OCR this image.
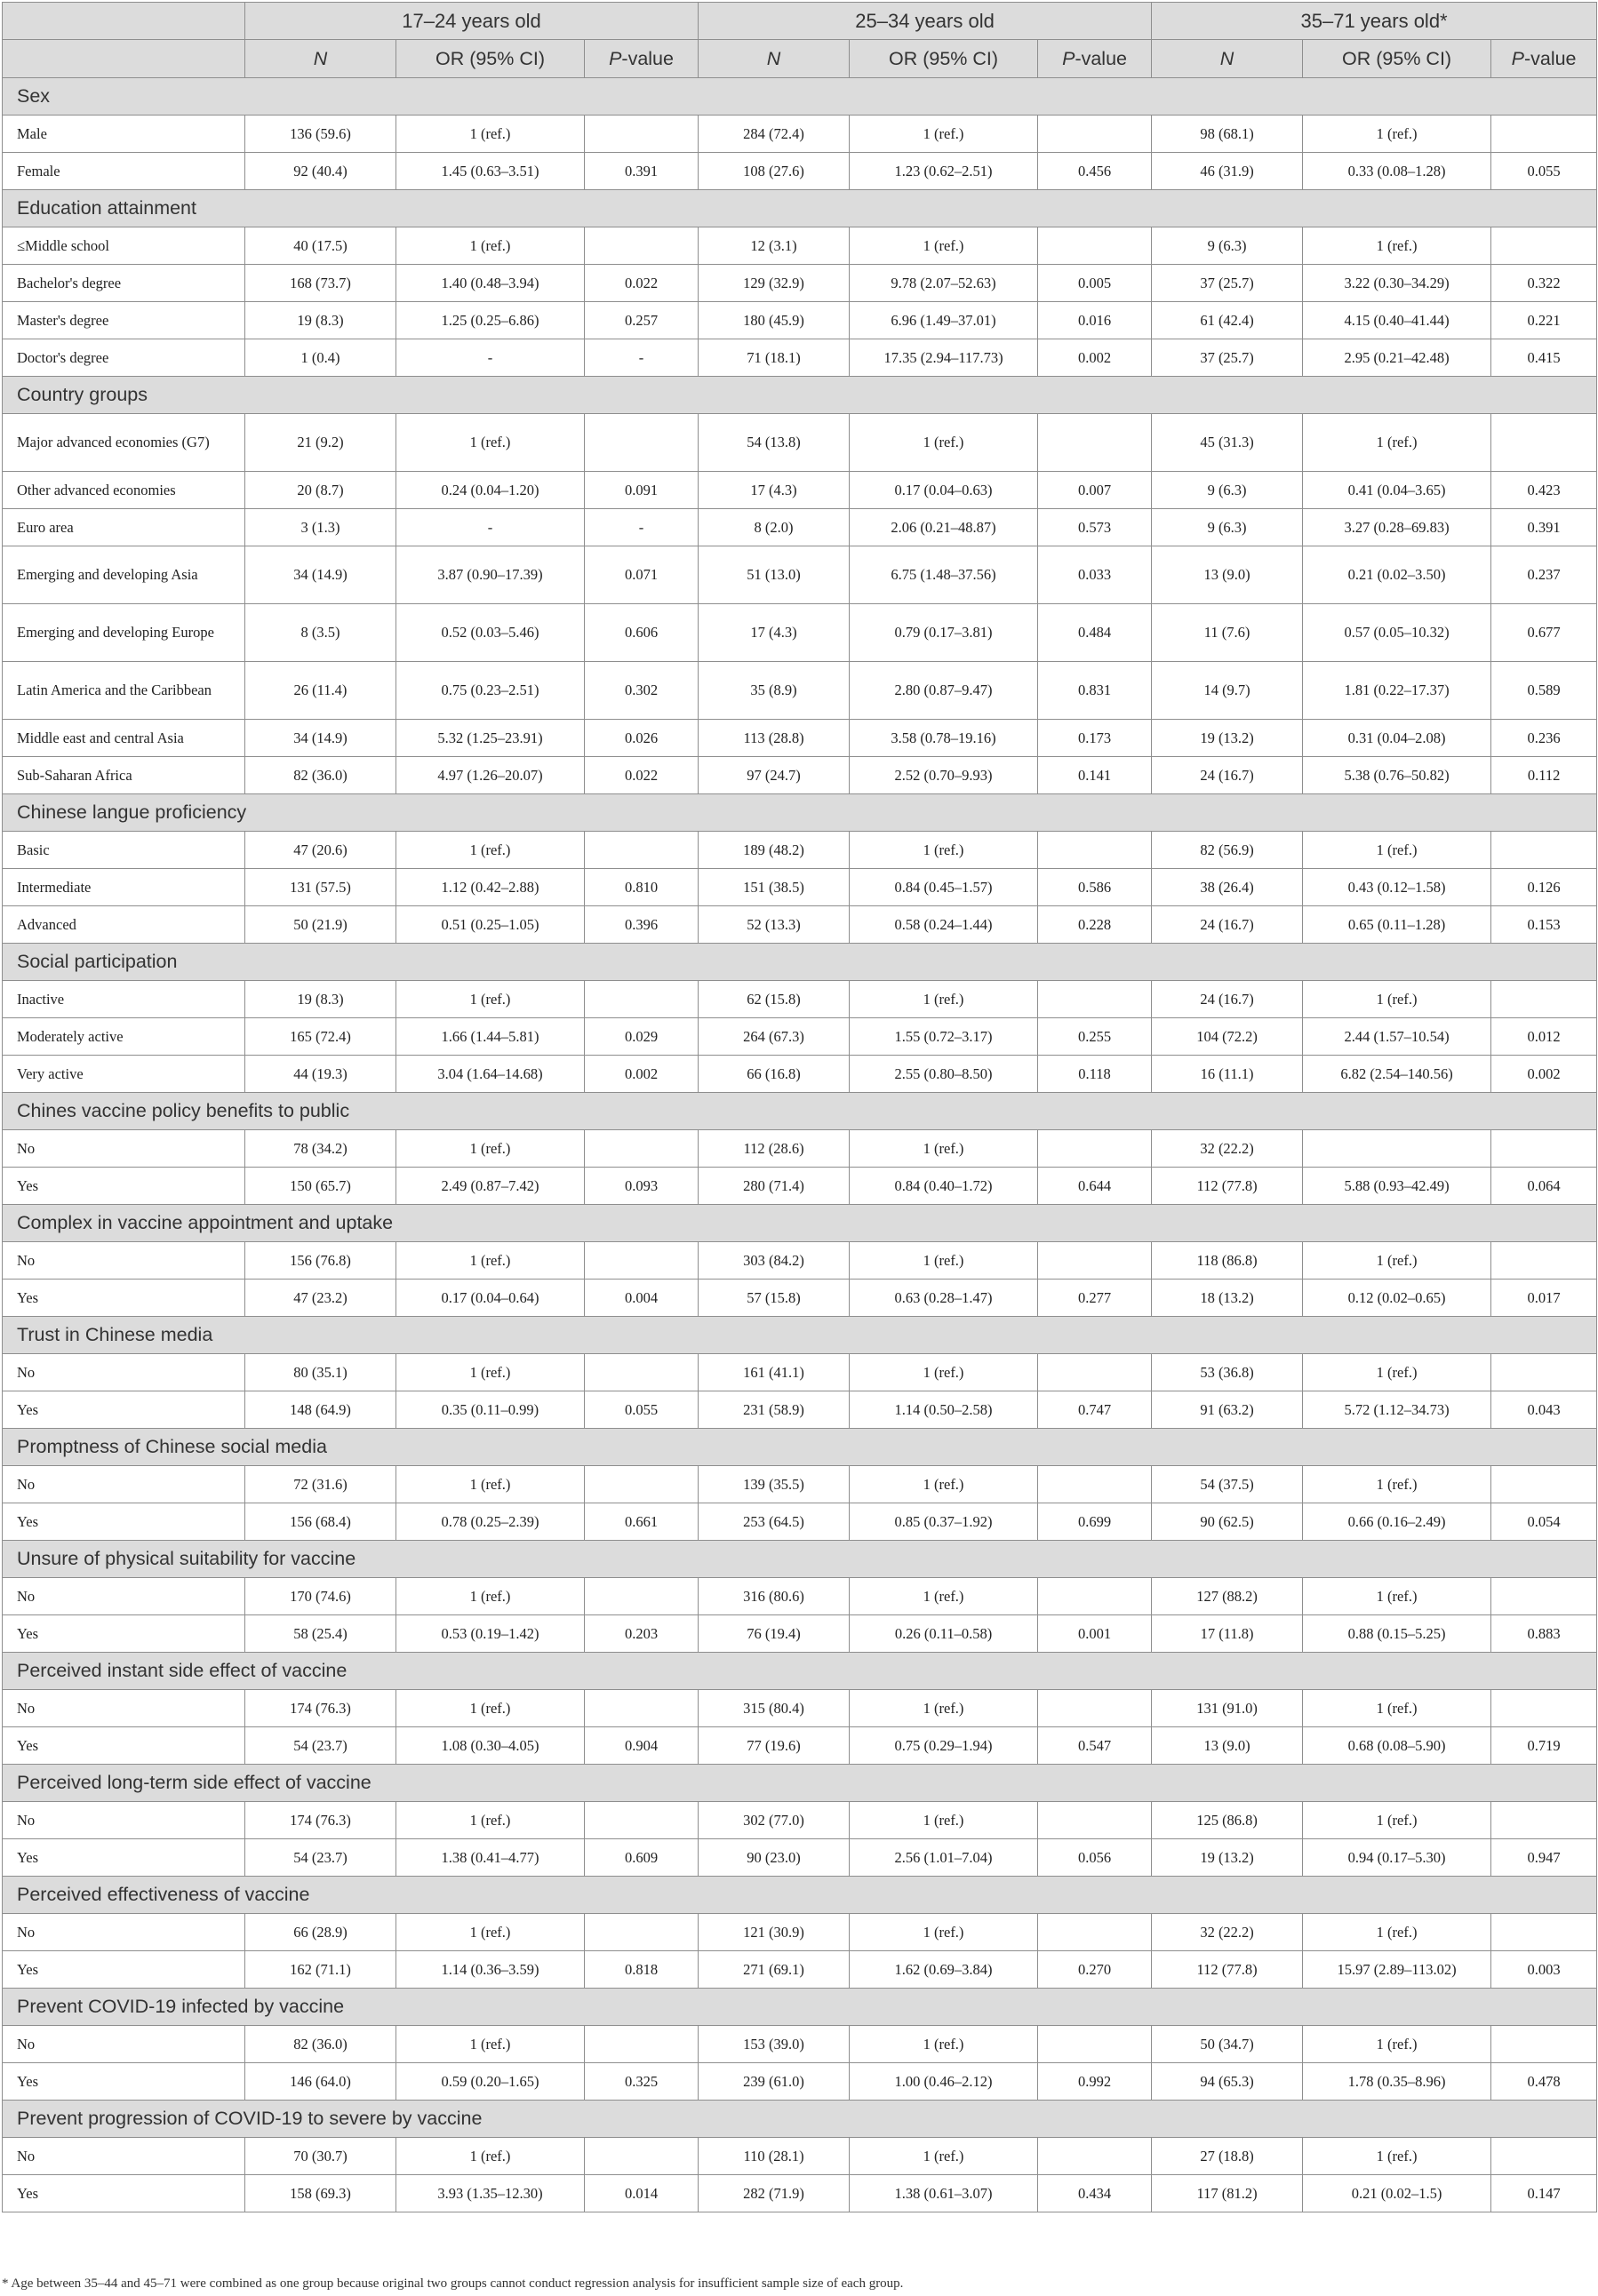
	17–24 years old			25–34 years old			35–71 years old*		
	N	OR (95% CI)	P-value	N	OR (95% CI)	P-value	N	OR (95% CI)	P-value
Sex									
Male	136 (59.6)	1 (ref.)		284 (72.4)	1 (ref.)		98 (68.1)	1 (ref.)	
Female	92 (40.4)	1.45 (0.63–3.51)	0.391	108 (27.6)	1.23 (0.62–2.51)	0.456	46 (31.9)	0.33 (0.08–1.28)	0.055
Education attainment									
≤Middle school	40 (17.5)	1 (ref.)		12 (3.1)	1 (ref.)		9 (6.3)	1 (ref.)	
Bachelor's degree	168 (73.7)	1.40 (0.48–3.94)	0.022	129 (32.9)	9.78 (2.07–52.63)	0.005	37 (25.7)	3.22 (0.30–34.29)	0.322
Master's degree	19 (8.3)	1.25 (0.25–6.86)	0.257	180 (45.9)	6.96 (1.49–37.01)	0.016	61 (42.4)	4.15 (0.40–41.44)	0.221
Doctor's degree	1 (0.4)	-	-	71 (18.1)	17.35 (2.94–117.73)	0.002	37 (25.7)	2.95 (0.21–42.48)	0.415
Country groups									
Major advanced economies (G7)	21 (9.2)	1 (ref.)		54 (13.8)	1 (ref.)		45 (31.3)	1 (ref.)	
Other advanced economies	20 (8.7)	0.24 (0.04–1.20)	0.091	17 (4.3)	0.17 (0.04–0.63)	0.007	9 (6.3)	0.41 (0.04–3.65)	0.423
Euro area	3 (1.3)	-	-	8 (2.0)	2.06 (0.21–48.87)	0.573	9 (6.3)	3.27 (0.28–69.83)	0.391
Emerging and developing Asia	34 (14.9)	3.87 (0.90–17.39)	0.071	51 (13.0)	6.75 (1.48–37.56)	0.033	13 (9.0)	0.21 (0.02–3.50)	0.237
Emerging and developing Europe	8 (3.5)	0.52 (0.03–5.46)	0.606	17 (4.3)	0.79 (0.17–3.81)	0.484	11 (7.6)	0.57 (0.05–10.32)	0.677
Latin America and the Caribbean	26 (11.4)	0.75 (0.23–2.51)	0.302	35 (8.9)	2.80 (0.87–9.47)	0.831	14 (9.7)	1.81 (0.22–17.37)	0.589
Middle east and central Asia	34 (14.9)	5.32 (1.25–23.91)	0.026	113 (28.8)	3.58 (0.78–19.16)	0.173	19 (13.2)	0.31 (0.04–2.08)	0.236
Sub-Saharan Africa	82 (36.0)	4.97 (1.26–20.07)	0.022	97 (24.7)	2.52 (0.70–9.93)	0.141	24 (16.7)	5.38 (0.76–50.82)	0.112
Chinese langue proficiency									
Basic	47 (20.6)	1 (ref.)		189 (48.2)	1 (ref.)		82 (56.9)	1 (ref.)	
Intermediate	131 (57.5)	1.12 (0.42–2.88)	0.810	151 (38.5)	0.84 (0.45–1.57)	0.586	38 (26.4)	0.43 (0.12–1.58)	0.126
Advanced	50 (21.9)	0.51 (0.25–1.05)	0.396	52 (13.3)	0.58 (0.24–1.44)	0.228	24 (16.7)	0.65 (0.11–1.28)	0.153
Social participation									
Inactive	19 (8.3)	1 (ref.)		62 (15.8)	1 (ref.)		24 (16.7)	1 (ref.)	
Moderately active	165 (72.4)	1.66 (1.44–5.81)	0.029	264 (67.3)	1.55 (0.72–3.17)	0.255	104 (72.2)	2.44 (1.57–10.54)	0.012
Very active	44 (19.3)	3.04 (1.64–14.68)	0.002	66 (16.8)	2.55 (0.80–8.50)	0.118	16 (11.1)	6.82 (2.54–140.56)	0.002
Chines vaccine policy benefits to public									
No	78 (34.2)	1 (ref.)		112 (28.6)	1 (ref.)		32 (22.2)		
Yes	150 (65.7)	2.49 (0.87–7.42)	0.093	280 (71.4)	0.84 (0.40–1.72)	0.644	112 (77.8)	5.88 (0.93–42.49)	0.064
Complex in vaccine appointment and uptake									
No	156 (76.8)	1 (ref.)		303 (84.2)	1 (ref.)		118 (86.8)	1 (ref.)	
Yes	47 (23.2)	0.17 (0.04–0.64)	0.004	57 (15.8)	0.63 (0.28–1.47)	0.277	18 (13.2)	0.12 (0.02–0.65)	0.017
Trust in Chinese media									
No	80 (35.1)	1 (ref.)		161 (41.1)	1 (ref.)		53 (36.8)	1 (ref.)	
Yes	148 (64.9)	0.35 (0.11–0.99)	0.055	231 (58.9)	1.14 (0.50–2.58)	0.747	91 (63.2)	5.72 (1.12–34.73)	0.043
Promptness of Chinese social media									
No	72 (31.6)	1 (ref.)		139 (35.5)	1 (ref.)		54 (37.5)	1 (ref.)	
Yes	156 (68.4)	0.78 (0.25–2.39)	0.661	253 (64.5)	0.85 (0.37–1.92)	0.699	90 (62.5)	0.66 (0.16–2.49)	0.054
Unsure of physical suitability for vaccine									
No	170 (74.6)	1 (ref.)		316 (80.6)	1 (ref.)		127 (88.2)	1 (ref.)	
Yes	58 (25.4)	0.53 (0.19–1.42)	0.203	76 (19.4)	0.26 (0.11–0.58)	0.001	17 (11.8)	0.88 (0.15–5.25)	0.883
Perceived instant side effect of vaccine									
No	174 (76.3)	1 (ref.)		315 (80.4)	1 (ref.)		131 (91.0)	1 (ref.)	
Yes	54 (23.7)	1.08 (0.30–4.05)	0.904	77 (19.6)	0.75 (0.29–1.94)	0.547	13 (9.0)	0.68 (0.08–5.90)	0.719
Perceived long-term side effect of vaccine									
No	174 (76.3)	1 (ref.)		302 (77.0)	1 (ref.)		125 (86.8)	1 (ref.)	
Yes	54 (23.7)	1.38 (0.41–4.77)	0.609	90 (23.0)	2.56 (1.01–7.04)	0.056	19 (13.2)	0.94 (0.17–5.30)	0.947
Perceived effectiveness of vaccine									
No	66 (28.9)	1 (ref.)		121 (30.9)	1 (ref.)		32 (22.2)	1 (ref.)	
Yes	162 (71.1)	1.14 (0.36–3.59)	0.818	271 (69.1)	1.62 (0.69–3.84)	0.270	112 (77.8)	15.97 (2.89–113.02)	0.003
Prevent COVID-19 infected by vaccine									
No	82 (36.0)	1 (ref.)		153 (39.0)	1 (ref.)		50 (34.7)	1 (ref.)	
Yes	146 (64.0)	0.59 (0.20–1.65)	0.325	239 (61.0)	1.00 (0.46–2.12)	0.992	94 (65.3)	1.78 (0.35–8.96)	0.478
Prevent progression of COVID-19 to severe by vaccine									
No	70 (30.7)	1 (ref.)		110 (28.1)	1 (ref.)		27 (18.8)	1 (ref.)	
Yes	158 (69.3)	3.93 (1.35–12.30)	0.014	282 (71.9)	1.38 (0.61–3.07)	0.434	117 (81.2)	0.21 (0.02–1.5)	0.147
* Age between 35–44 and 45–71 were combined as one group because original two groups cannot conduct regression analysis for insufficient sample size of each group.
